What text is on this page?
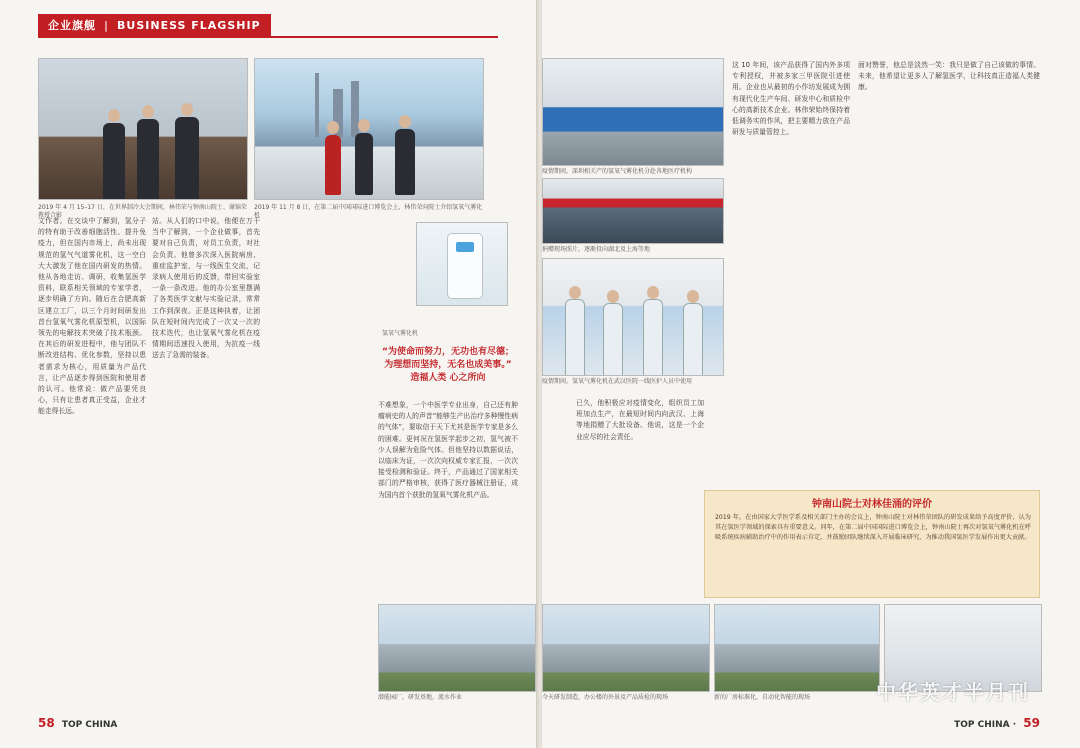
企业旗舰 | BUSINESS FLAGSHIP
2019 年 4 月 15–17 日，在世界制冷大会期间，林伟荣与钟南山院士、谢锦荣教授合影
2019 年 11 月 8 日，在第二届中国国际进口博览会上，林伟荣向院士介绍氢氧气雾化机
文作者。在交谈中了解到，氢分子的特有助于改善细胞活性、提升免疫力，但在国内市场上，尚未出现规范的氢气气道雾化机，这一空白大大激发了他在国内研发的热情。他从各地走访、调研，收集氢医学资料，联系相关领域的专家学者，逐步明确了方向。随后在合肥高新区建立工厂，以三个月时间研发出首台氢氧气雾化机原型机，以国际领先的电解技术突破了技术瓶颈。在其后的研发进程中，他与团队不断改进结构、优化参数，坚持以患者需求为核心，用质量为产品代言，让产品逐步得到医院和使用者的认可。他常说：做产品要凭良心，只有让患者真正受益，企业才能走得长远。
站。从人们的口中说，他便在万千当中了解到，一个企业做事，首先要对自己负责，对员工负责，对社会负责。他曾多次深入医院病房、重症监护室，与一线医生交流，记录病人使用后的反馈，带回实验室一条一条改进。他的办公室里摆满了各类医学文献与实验记录，常常工作到深夜。正是这种执着，让团队在短时间内完成了一次又一次的技术迭代，也让氢氧气雾化机在疫情期间迅速投入使用，为抗疫一线送去了急需的装备。
氢氧气雾化机
“为使命而努力，无功也有尽德；
为理想而坚持，无名也成美事。”
造福人类 心之所向
不难想象，一个中医学专业出身，自己还有肿瘤病史的人的声音“能够生产出治疗多种慢性病的气体”，要取信于天下尤其是医学专家是多么的困难。更何况在氢医学起步之初，氢气被不少人误解为危险气体。但他坚持以数据说话，以临床为证，一次次向权威专家汇报，一次次接受检测和验证。终于，产品通过了国家相关部门的严格审核，获得了医疗器械注册证，成为国内首个获批的氢氧气雾化机产品。
58 TOP CHINA
疫情期间，深圳相关产的氢氧气雾化机分赴各地医疗机构
捐赠现场照片，逐渐投向湖北及上海等地
疫情期间，氢氧气雾化机在武汉医院一线医护人员中使用
这 10 年间，该产品获得了国内外多项专利授权，并被多家三甲医院引进使用。企业也从最初的小作坊发展成为拥有现代化生产车间、研发中心和质检中心的高新技术企业。林伟荣始终保持着低调务实的作风，把主要精力放在产品研发与质量管控上。
已久，他积极应对疫情变化，组织员工加班加点生产，在最短时间内向武汉、上海等地捐赠了大批设备。他说，这是一个企业应尽的社会责任。
面对赞誉，他总是淡然一笑：我只是做了自己该做的事情。未来，他希望让更多人了解氢医学，让科技真正造福人类健康。
钟南山院士对林佳涌的评价
2019 年，在由国家大学医学系及相关部门主办的会议上，钟南山院士对林伟荣团队的研发成果给予高度评价，认为其在氢医学领域的探索具有重要意义。同年，在第二届中国国际进口博览会上，钟南山院士再次对氢氧气雾化机在呼吸系统疾病辅助治疗中的作用表示肯定，并鼓励团队继续深入开展临床研究，为推动我国氢医学发展作出更大贡献。
潜能园厂，研发基地，流水作业	今天研发制造，办公楼的外景及产品质检的现场	新的厂房标准化，自动化智能的现场	中华英才半月刊
TOP CHINA · 59
